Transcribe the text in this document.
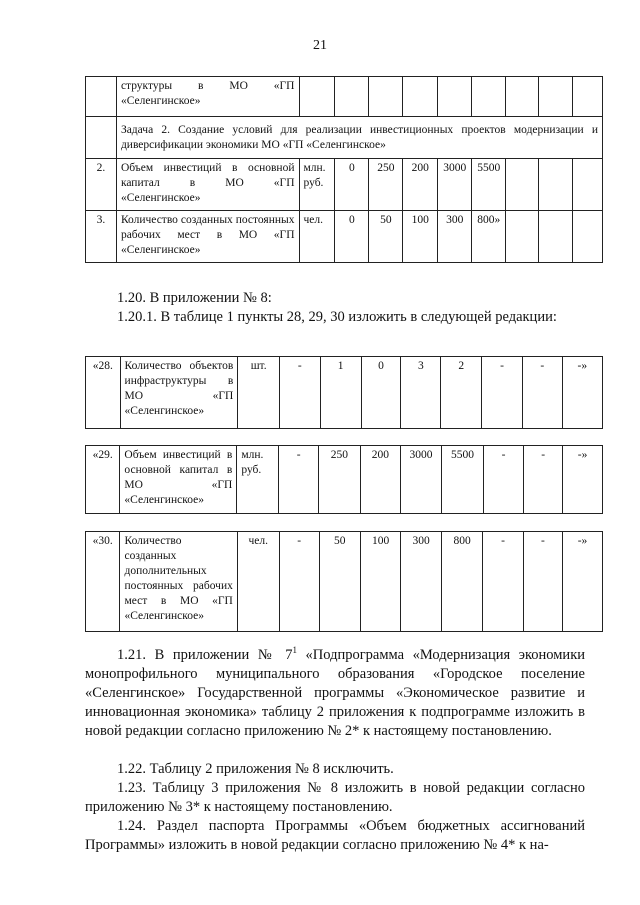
21
	структуры в МО «ГП «Селенгинское»									
	Задача 2. Создание условий для реализации инвестиционных проектов модернизации и диверсификации экономики МО «ГП «Селенгинское»									
2.	Объем инвестиций в основной капитал в МО «ГП «Селенгинское»	млн. руб.	0	250	200	3000	5500			
3.	Количество созданных постоянных рабочих мест в МО «ГП «Селенгинское»	чел.	0	50	100	300	800»			
1.20. В приложении № 8:
1.20.1. В таблице 1 пункты 28, 29, 30 изложить в следующей редакции:
«28.	Количество объектов инфраструктуры в МО «ГП «Селенгинское»	шт.	-	1	0	3	2	-	-	-»
«29.	Объем инвестиций в основной капитал в МО «ГП «Селенгинское»	млн. руб.	-	250	200	3000	5500	-	-	-»
«30.	Количество созданных дополнительных постоянных рабочих мест в МО «ГП «Селенгинское»	чел.	-	50	100	300	800	-	-	-»
1.21. В приложении № $7^1$ «Подпрограмма «Модернизация экономики монопрофильного муниципального образования «Городское поселение «Селенгинское» Государственной программы «Экономическое развитие и инновационная экономика» таблицу 2 приложения к подпрограмме изложить в новой редакции согласно приложению № 2* к настоящему постановлению.
1.22. Таблицу 2 приложения № 8 исключить.
1.23. Таблицу 3 приложения № 8 изложить в новой редакции согласно приложению № 3* к настоящему постановлению.
1.24. Раздел паспорта Программы «Объем бюджетных ассигнований Программы» изложить в новой редакции согласно приложению № 4* к на-
